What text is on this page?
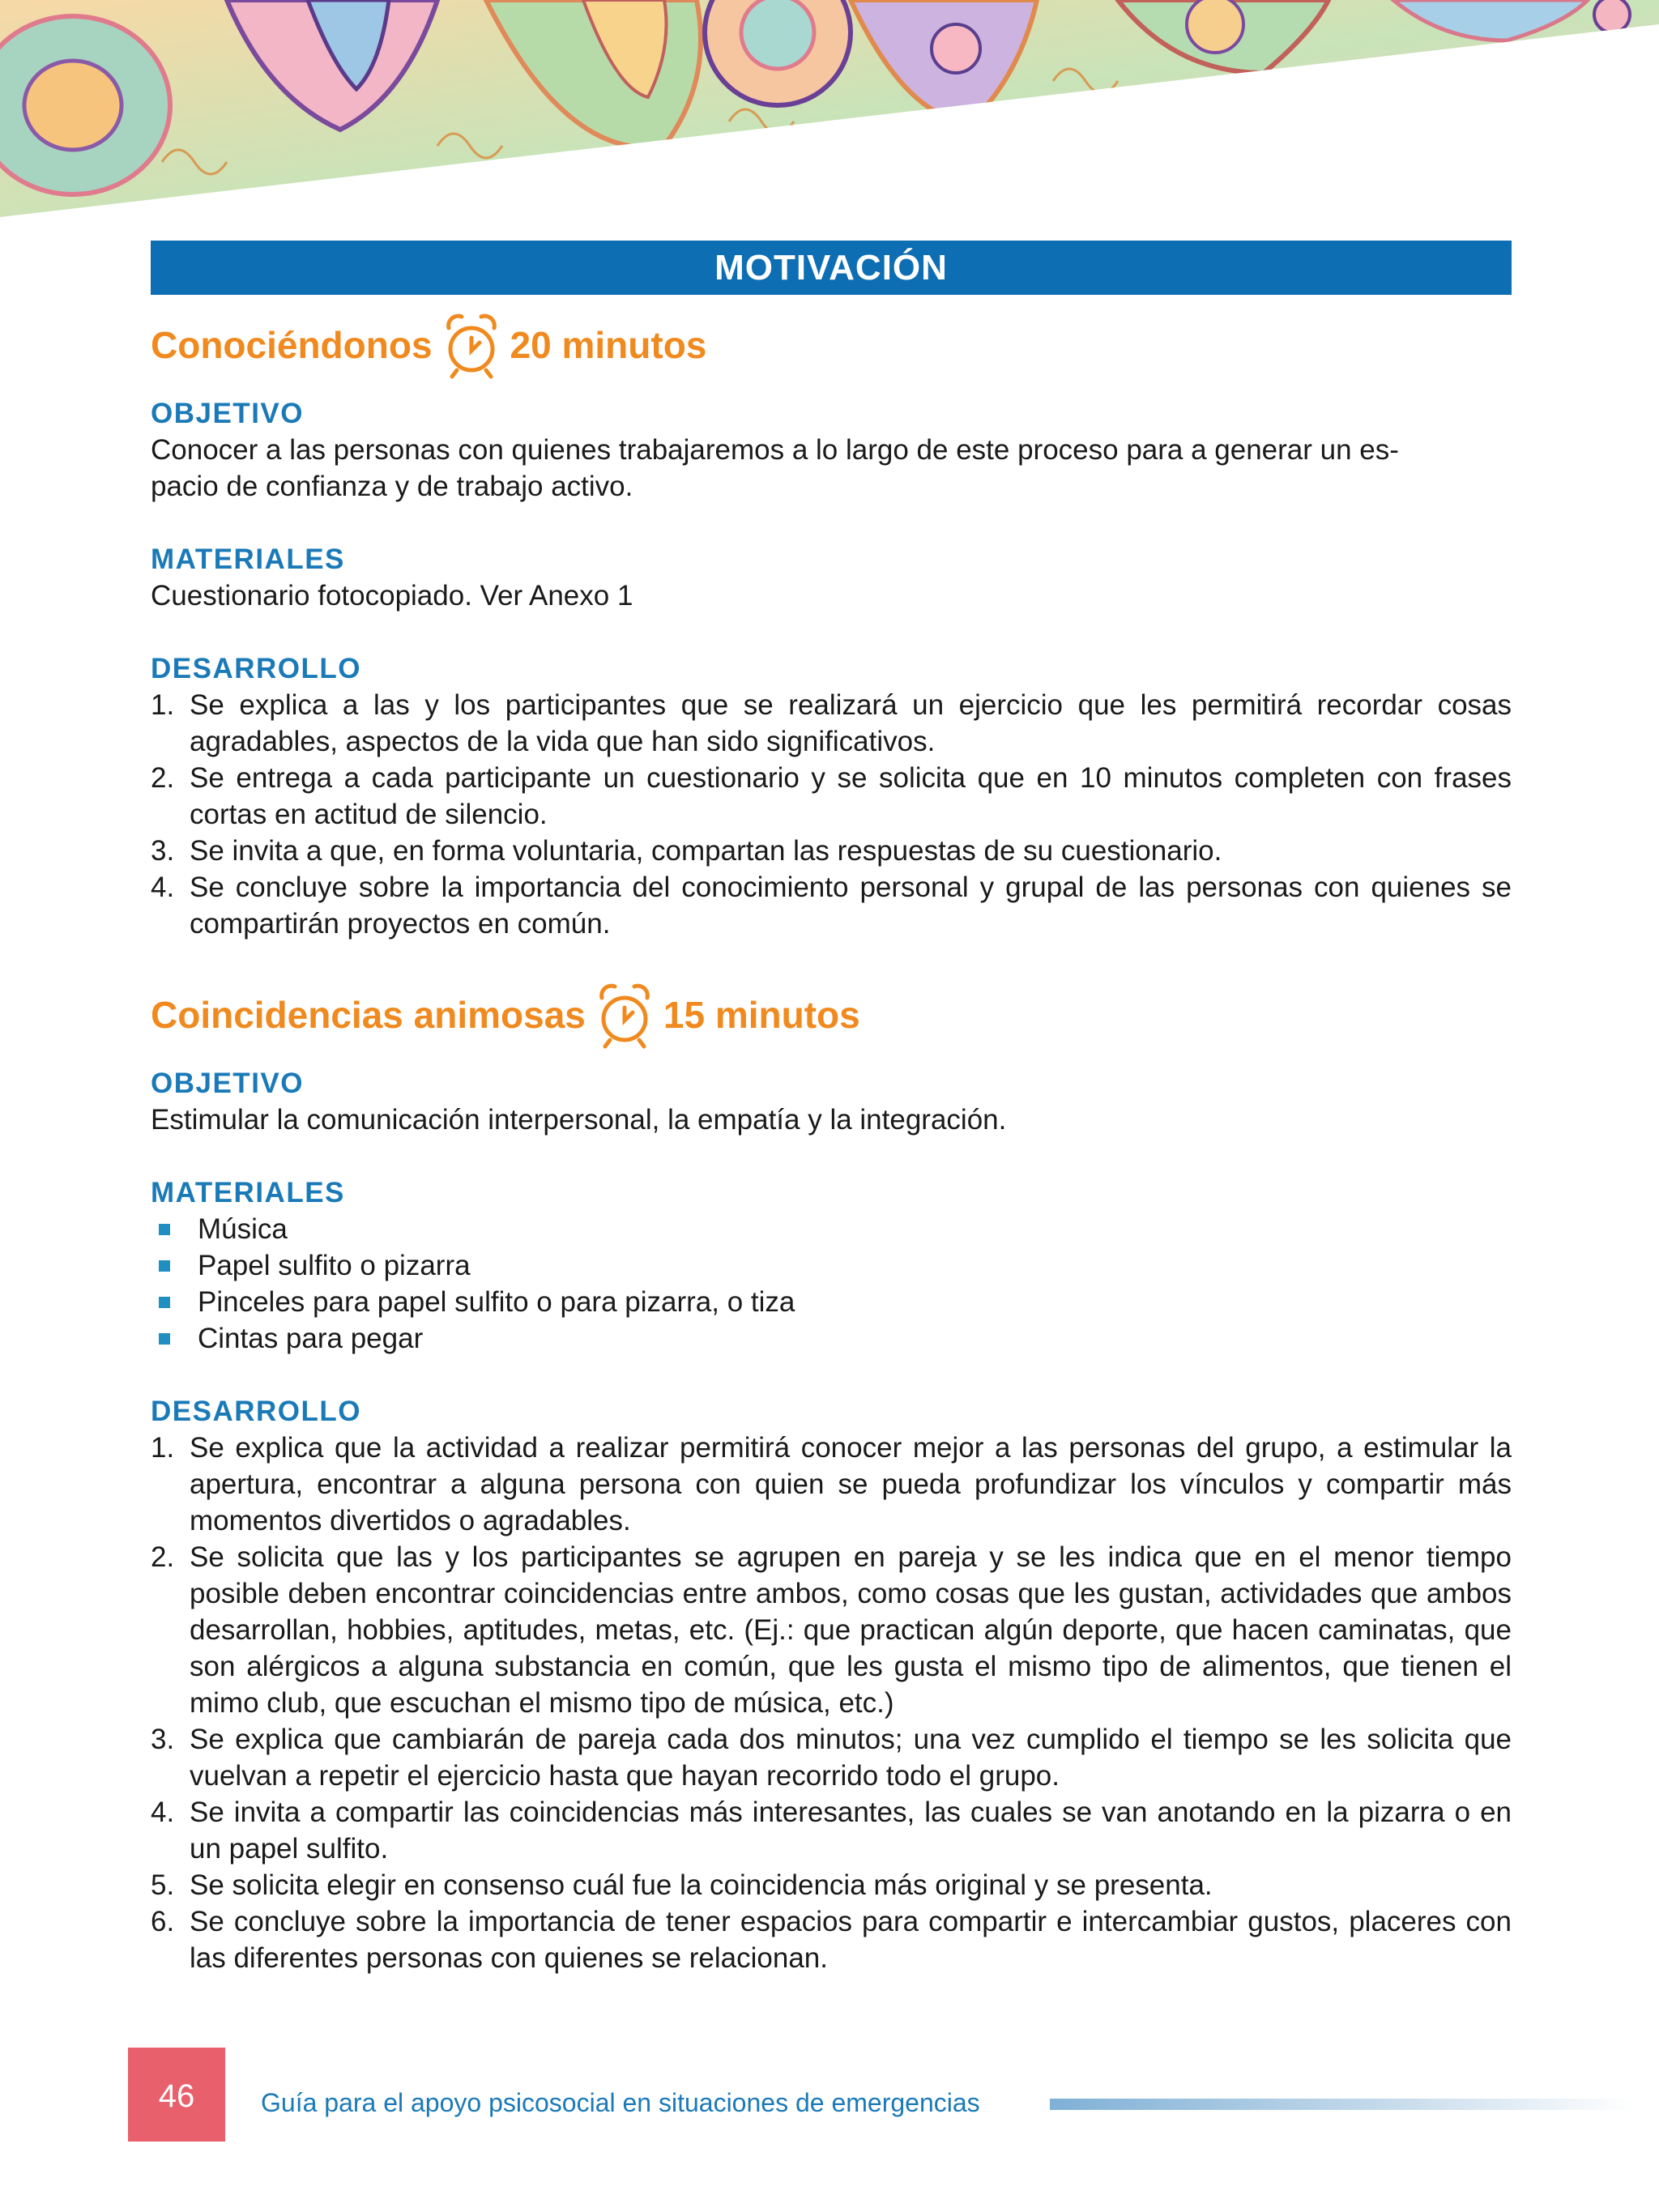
MOTIVACIÓN
Conociéndonos 20 minutos
OBJETIVO
Conocer a las personas con quienes trabajaremos a lo largo de este proceso para a generar un es-
pacio de confianza y de trabajo activo.
MATERIALES
Cuestionario fotocopiado. Ver Anexo 1
DESARROLLO
1. Se explica a las y los participantes que se realizará un ejercicio que les permitirá recordar cosas agradables, aspectos de la vida que han sido significativos.
2. Se entrega a cada participante un cuestionario y se solicita que en 10 minutos completen con frases cortas en actitud de silencio.
3. Se invita a que, en forma voluntaria, compartan las respuestas de su cuestionario.
4. Se concluye sobre la importancia del conocimiento personal y grupal de las personas con quienes se compartirán proyectos en común.
Coincidencias animosas 15 minutos
OBJETIVO
Estimular la comunicación interpersonal, la empatía y la integración.
MATERIALES
Música
Papel sulfito o pizarra
Pinceles para papel sulfito o para pizarra, o tiza
Cintas para pegar
DESARROLLO
1. Se explica que la actividad a realizar permitirá conocer mejor a las personas del grupo, a estimular la apertura, encontrar a alguna persona con quien se pueda profundizar los vínculos y compartir más momentos divertidos o agradables.
2. Se solicita que las y los participantes se agrupen en pareja y se les indica que en el menor tiempo posible deben encontrar coincidencias entre ambos, como cosas que les gustan, actividades que ambos desarrollan, hobbies, aptitudes, metas, etc. (Ej.: que practican algún deporte, que hacen caminatas, que son alérgicos a alguna substancia en común, que les gusta el mismo tipo de alimentos, que tienen el mimo club, que escuchan el mismo tipo de música, etc.)
3. Se explica que cambiarán de pareja cada dos minutos; una vez cumplido el tiempo se les solicita que vuelvan a repetir el ejercicio hasta que hayan recorrido todo el grupo.
4. Se invita a compartir las coincidencias más interesantes, las cuales se van anotando en la pizarra o en un papel sulfito.
5. Se solicita elegir en consenso cuál fue la coincidencia más original y se presenta.
6. Se concluye sobre la importancia de tener espacios para compartir e intercambiar gustos, placeres con las diferentes personas con quienes se relacionan.
46	Guía para el apoyo psicosocial en situaciones de emergencias
